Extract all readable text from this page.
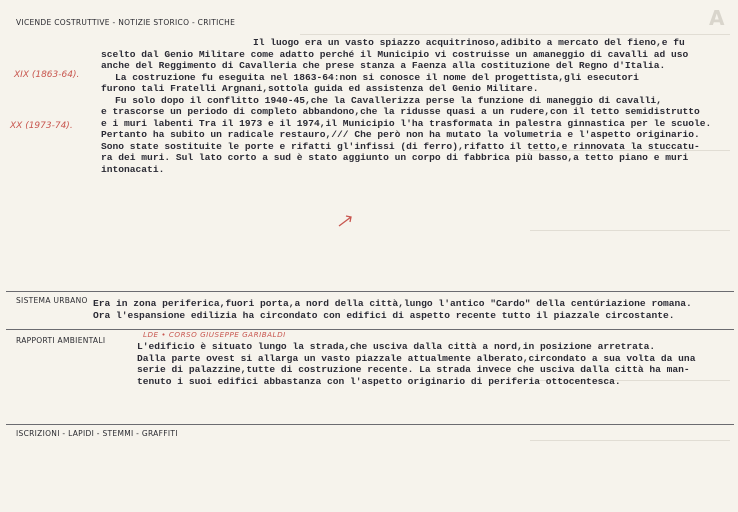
A
VICENDE COSTRUTTIVE - NOTIZIE STORICO - CRITICHE
XIX (1863-64).
XX (1973-74).
Il luogo era un vasto spiazzo acquitrinoso,adibito a mercato del fieno,e fu
scelto dal Genio Militare come adatto perché il Municipio vi costruisse un amaneggio di cavalli ad uso
anche del Reggimento di Cavalleria che prese stanza a Faenza alla costituzione del Regno d'Italia.
La costruzione fu eseguita nel 1863-64:non si conosce il nome del progettista,gli esecutori
furono tali Fratelli Argnani,sottola guida ed assistenza del Genio Militare.
Fu solo dopo il conflitto 1940-45,che la Cavallerizza perse la funzione di maneggio di cavalli,
e trascorse un periodo di completo abbandono,che la ridusse quasi a un rudere,con il tetto semidistrutto
e i muri labenti Tra il 1973 e il 1974,il Municipio l'ha trasformata in palestra ginnastica per le scuole.
Pertanto ha subito un radicale restauro,/// Che però non ha mutato la volumetria e l'aspetto originario.
Sono state sostituite le porte e rifatti gl'infissi (di ferro),rifatto il tetto,e rinnovata la stuccatu-
ra dei muri. Sul lato corto a sud è stato aggiunto un corpo di fabbrica più basso,a tetto piano e muri
intonacati.
SISTEMA URBANO Era in zona periferica,fuori porta,a nord della città,lungo l'antico "Cardo" della centúriazione romana.
Ora l'espansione edilizia ha circondato con edifici di aspetto recente tutto il piazzale circostante.
RAPPORTI AMBIENTALI
LDE • CORSO GIUSEPPE GARIBALDI
L'edificio è situato lungo la strada,che usciva dalla città a nord,in posizione arretrata.
Dalla parte ovest si allarga un vasto piazzale attualmente alberato,circondato a sua volta da una
serie di palazzine,tutte di costruzione recente. La strada invece che usciva dalla città ha man-
tenuto i suoi edifici abbastanza con l'aspetto originario di periferia ottocentesca.
ISCRIZIONI - LAPIDI - STEMMI - GRAFFITI
